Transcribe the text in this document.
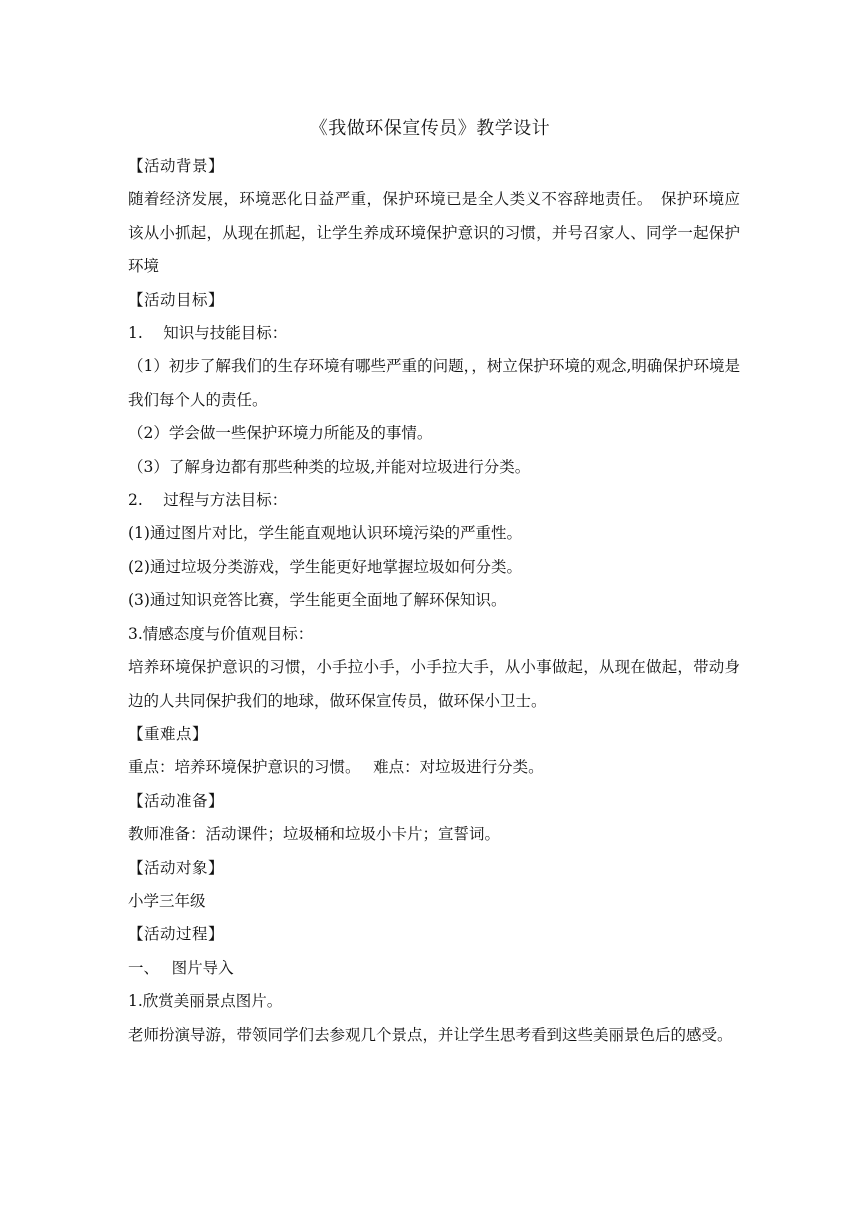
《我做环保宣传员》教学设计

【活动背景】

随着经济发展，环境恶化日益严重，保护环境已是全人类义不容辞地责任。　保护环境应该从小抓起，从现在抓起，让学生养成环境保护意识的习惯，并号召家人、同学一起保护环境

【活动目标】

1.　 知识与技能目标：

（1）初步了解我们的生存环境有哪些严重的问题，，树立保护环境的观念,明确保护环境是我们每个人的责任。

（2）学会做一些保护环境力所能及的事情。

（3）了解身边都有那些种类的垃圾,并能对垃圾进行分类。

2.　 过程与方法目标：

(1)通过图片对比，学生能直观地认识环境污染的严重性。

(2)通过垃圾分类游戏，学生能更好地掌握垃圾如何分类。

(3)通过知识竞答比赛，学生能更全面地了解环保知识。

3.情感态度与价值观目标：

培养环境保护意识的习惯，小手拉小手，小手拉大手，从小事做起，从现在做起，带动身边的人共同保护我们的地球，做环保宣传员，做环保小卫士。

【重难点】

重点：培养环境保护意识的习惯。　 难点：对垃圾进行分类。

【活动准备】

教师准备：活动课件；垃圾桶和垃圾小卡片；宣誓词。

【活动对象】

小学三年级

【活动过程】

一、　 图片导入

1.欣赏美丽景点图片。

老师扮演导游，带领同学们去参观几个景点，并让学生思考看到这些美丽景色后的感受。
